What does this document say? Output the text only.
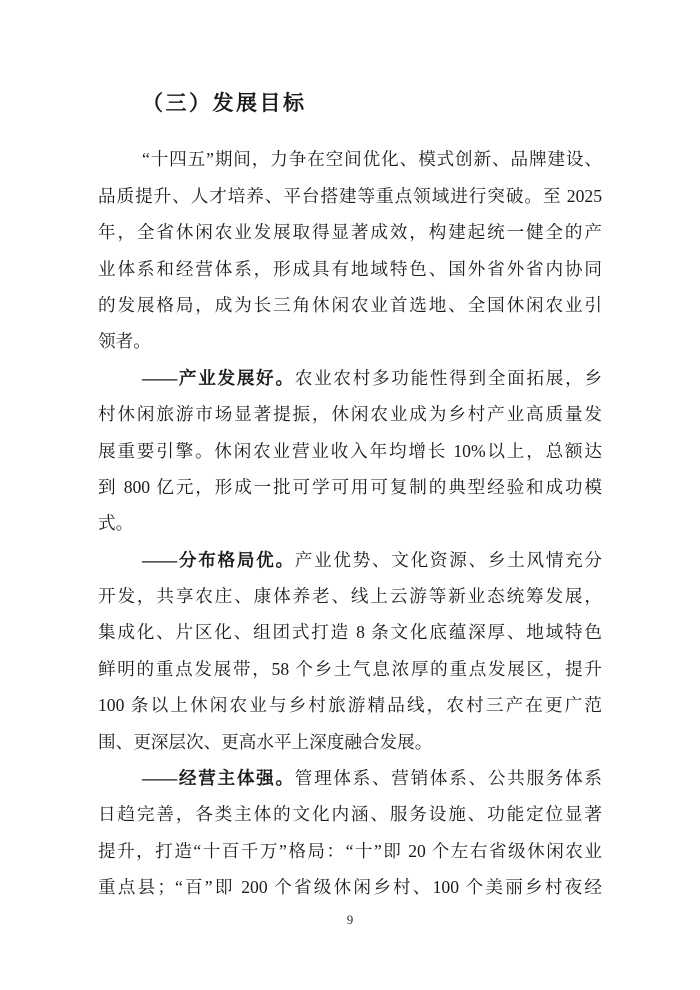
（三）发展目标
“十四五”期间，力争在空间优化、模式创新、品牌建设、
品质提升、人才培养、平台搭建等重点领域进行突破。至 2025
年，全省休闲农业发展取得显著成效，构建起统一健全的产
业体系和经营体系，形成具有地域特色、国外省外省内协同
的发展格局，成为长三角休闲农业首选地、全国休闲农业引
领者。
——产业发展好。农业农村多功能性得到全面拓展，乡
村休闲旅游市场显著提振，休闲农业成为乡村产业高质量发
展重要引擎。休闲农业营业收入年均增长 10%以上，总额达
到 800 亿元，形成一批可学可用可复制的典型经验和成功模
式。
——分布格局优。产业优势、文化资源、乡土风情充分
开发，共享农庄、康体养老、线上云游等新业态统筹发展，
集成化、片区化、组团式打造 8 条文化底蕴深厚、地域特色
鲜明的重点发展带，58 个乡土气息浓厚的重点发展区，提升
100 条以上休闲农业与乡村旅游精品线，农村三产在更广范
围、更深层次、更高水平上深度融合发展。
——经营主体强。管理体系、营销体系、公共服务体系
日趋完善，各类主体的文化内涵、服务设施、功能定位显著
提升，打造“十百千万”格局：“十”即 20 个左右省级休闲农业
重点县；“百”即 200 个省级休闲乡村、100 个美丽乡村夜经
9
